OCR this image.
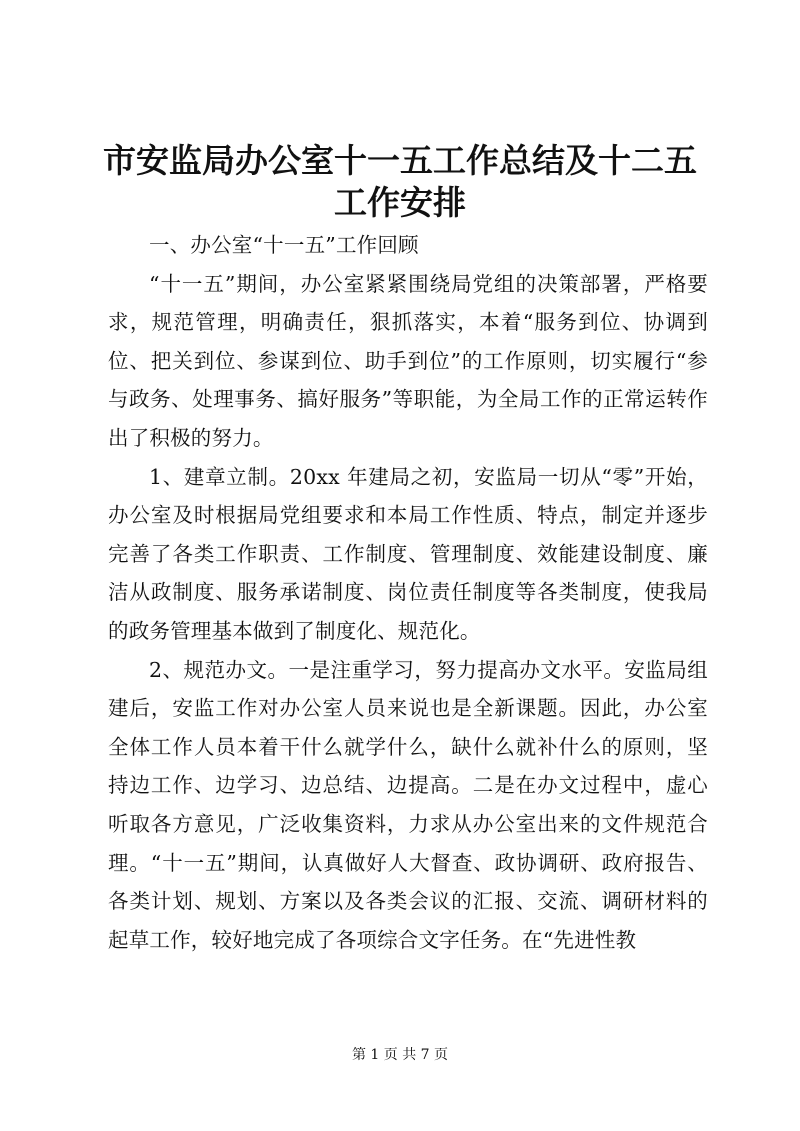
市安监局办公室十一五工作总结及十二五工作安排

一、办公室“十一五”工作回顾

“十一五”期间，办公室紧紧围绕局党组的决策部署，严格要求，规范管理，明确责任，狠抓落实，本着“服务到位、协调到位、把关到位、参谋到位、助手到位”的工作原则，切实履行“参与政务、处理事务、搞好服务”等职能，为全局工作的正常运转作出了积极的努力。

1、建章立制。20xx 年建局之初，安监局一切从“零”开始，办公室及时根据局党组要求和本局工作性质、特点，制定并逐步完善了各类工作职责、工作制度、管理制度、效能建设制度、廉洁从政制度、服务承诺制度、岗位责任制度等各类制度，使我局的政务管理基本做到了制度化、规范化。

2、规范办文。一是注重学习，努力提高办文水平。安监局组建后，安监工作对办公室人员来说也是全新课题。因此，办公室全体工作人员本着干什么就学什么，缺什么就补什么的原则，坚持边工作、边学习、边总结、边提高。二是在办文过程中，虚心听取各方意见，广泛收集资料，力求从办公室出来的文件规范合理。“十一五”期间，认真做好人大督查、政协调研、政府报告、各类计划、规划、方案以及各类会议的汇报、交流、调研材料的起草工作，较好地完成了各项综合文字任务。在“先进性教

第 1 页 共 7 页
